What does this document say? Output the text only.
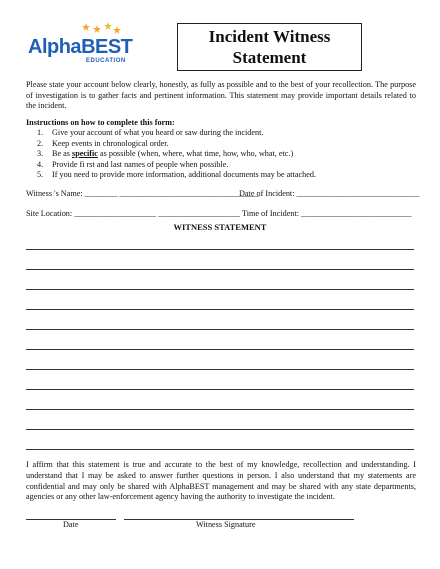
AlphaBEST
EDUCATION
Incident Witness
Statement
Please state your account below clearly, honestly, as fully as possible and to the best of your recollection. The purpose of investigation is to gather facts and pertinent information. This statement may provide important details related to the incident.
Instructions on how to complete this form:
1.	Give your account of what you heard or saw during the incident.
2.	Keep events in chronological order.
3.	Be as specific as possible (when, where, what time, how, who, what, etc.)
4.	Provide fi rst and last names of people when possible.
5.	If you need to provide more information, additional documents may be attached.
Witness 's Name: ________ __________________________________
Date of Incident: ______________________________
Site Location: ____________________ ____________________ Time of Incident: ___________________________
WITNESS STATEMENT
I affirm that this statement is true and accurate to the best of my knowledge, recollection and understanding. I understand that I may be asked to answer further questions in person. I also understand that my statements are confidential and may only be shared with AlphaBEST management and may be shared with any state departments, agencies or any other law-enforcement agency having the authority to investigate the incident.
Date	Witness Signature
